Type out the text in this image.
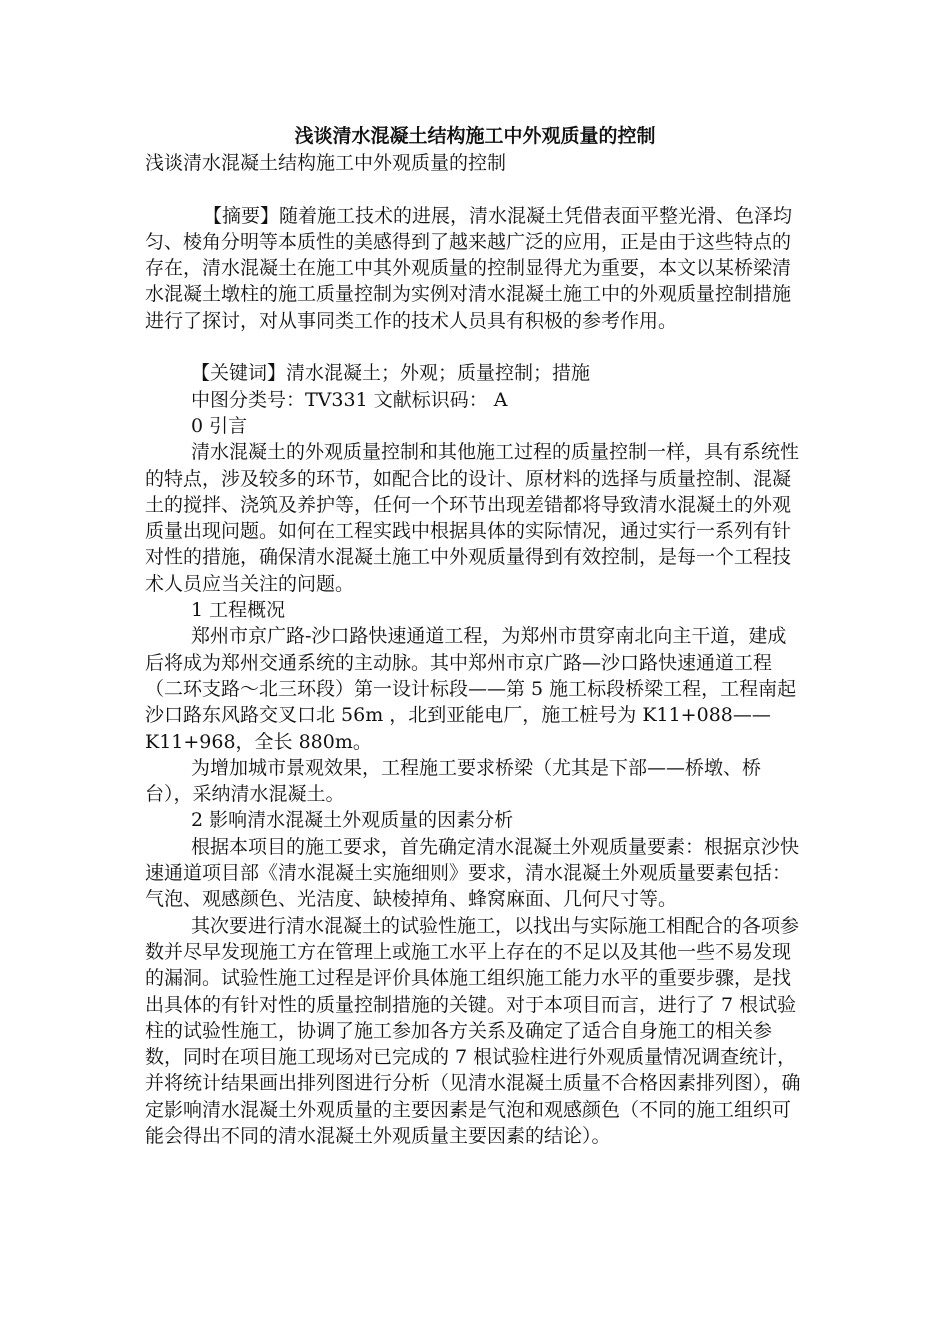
浅谈清水混凝土结构施工中外观质量的控制

浅谈清水混凝土结构施工中外观质量的控制

【摘要】随着施工技术的进展，清水混凝土凭借表面平整光滑、色泽均匀、棱角分明等本质性的美感得到了越来越广泛的应用，正是由于这些特点的存在，清水混凝土在施工中其外观质量的控制显得尤为重要，本文以某桥梁清水混凝土墩柱的施工质量控制为实例对清水混凝土施工中的外观质量控制措施进行了探讨，对从事同类工作的技术人员具有积极的参考作用。

【关键词】清水混凝土；外观；质量控制；措施

中图分类号：TV331 文献标识码： A

0 引言

清水混凝土的外观质量控制和其他施工过程的质量控制一样，具有系统性的特点，涉及较多的环节，如配合比的设计、原材料的选择与质量控制、混凝土的搅拌、浇筑及养护等，任何一个环节出现差错都将导致清水混凝土的外观质量出现问题。如何在工程实践中根据具体的实际情况，通过实行一系列有针对性的措施，确保清水混凝土施工中外观质量得到有效控制，是每一个工程技术人员应当关注的问题。

1 工程概况

郑州市京广路-沙口路快速通道工程，为郑州市贯穿南北向主干道，建成后将成为郑州交通系统的主动脉。其中郑州市京广路—沙口路快速通道工程（二环支路～北三环段）第一设计标段——第 5 施工标段桥梁工程，工程南起沙口路东风路交叉口北 56m ，北到亚能电厂，施工桩号为 K11+088——K11+968，全长 880m。

为增加城市景观效果，工程施工要求桥梁（尤其是下部——桥墩、桥台），采纳清水混凝土。

2 影响清水混凝土外观质量的因素分析

根据本项目的施工要求，首先确定清水混凝土外观质量要素：根据京沙快速通道项目部《清水混凝土实施细则》要求，清水混凝土外观质量要素包括：气泡、观感颜色、光洁度、缺棱掉角、蜂窝麻面、几何尺寸等。

其次要进行清水混凝土的试验性施工，以找出与实际施工相配合的各项参数并尽早发现施工方在管理上或施工水平上存在的不足以及其他一些不易发现的漏洞。试验性施工过程是评价具体施工组织施工能力水平的重要步骤，是找出具体的有针对性的质量控制措施的关键。对于本项目而言，进行了 7 根试验柱的试验性施工，协调了施工参加各方关系及确定了适合自身施工的相关参数，同时在项目施工现场对已完成的 7 根试验柱进行外观质量情况调查统计，并将统计结果画出排列图进行分析（见清水混凝土质量不合格因素排列图），确定影响清水混凝土外观质量的主要因素是气泡和观感颜色（不同的施工组织可能会得出不同的清水混凝土外观质量主要因素的结论）。
